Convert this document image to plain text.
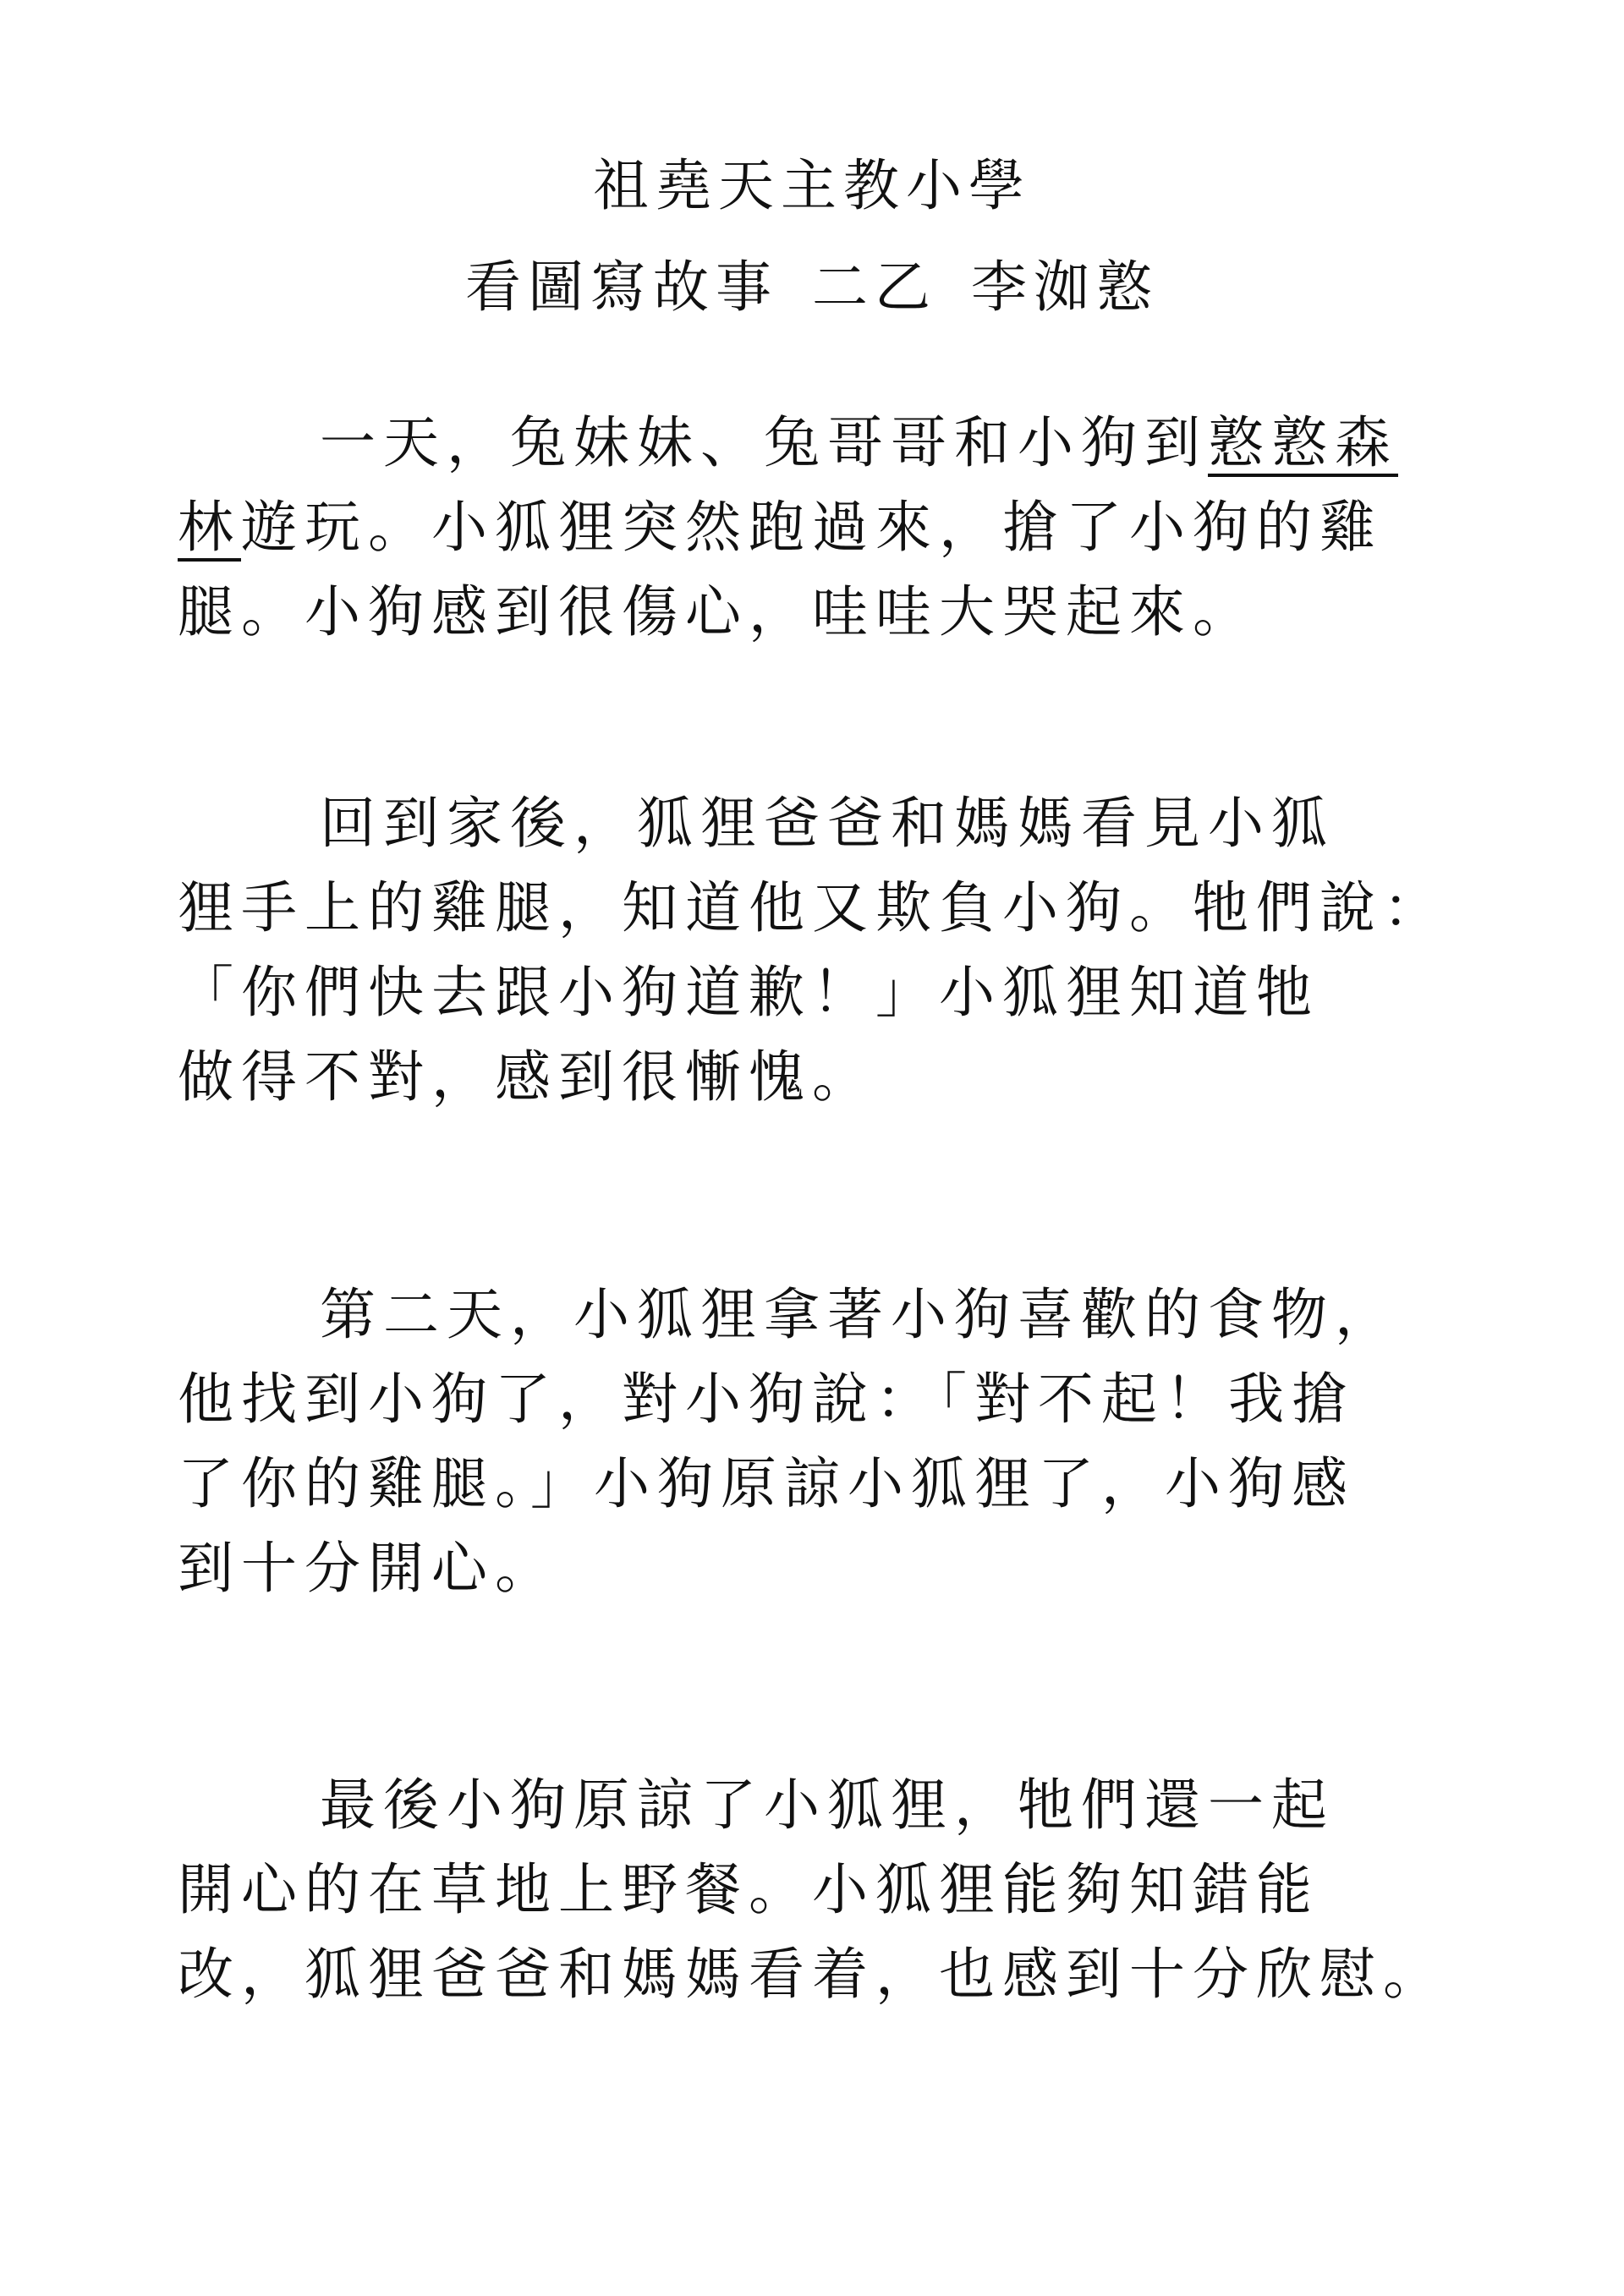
祖堯天主教小學
看圖寫故事 二乙 李洳憝
一天，兔妹妹、兔哥哥和小狗到憝憝森
林遊玩。小狐狸突然跑過來，搶了小狗的雞
腿。小狗感到很傷心，哇哇大哭起來。
回到家後，狐狸爸爸和媽媽看見小狐
狸手上的雞腿，知道他又欺負小狗。牠們說：
「你們快去跟小狗道歉！」小狐狸知道牠
做得不對，感到很慚愧。
第二天，小狐狸拿著小狗喜歡的食物，
他找到小狗了，對小狗說：「對不起！我搶
了你的雞腿。」小狗原諒小狐狸了，小狗感
到十分開心。
最後小狗原諒了小狐狸，牠們還一起
開心的在草地上野餐。小狐狸能夠知錯能
改，狐狸爸爸和媽媽看着，也感到十分欣慰。
